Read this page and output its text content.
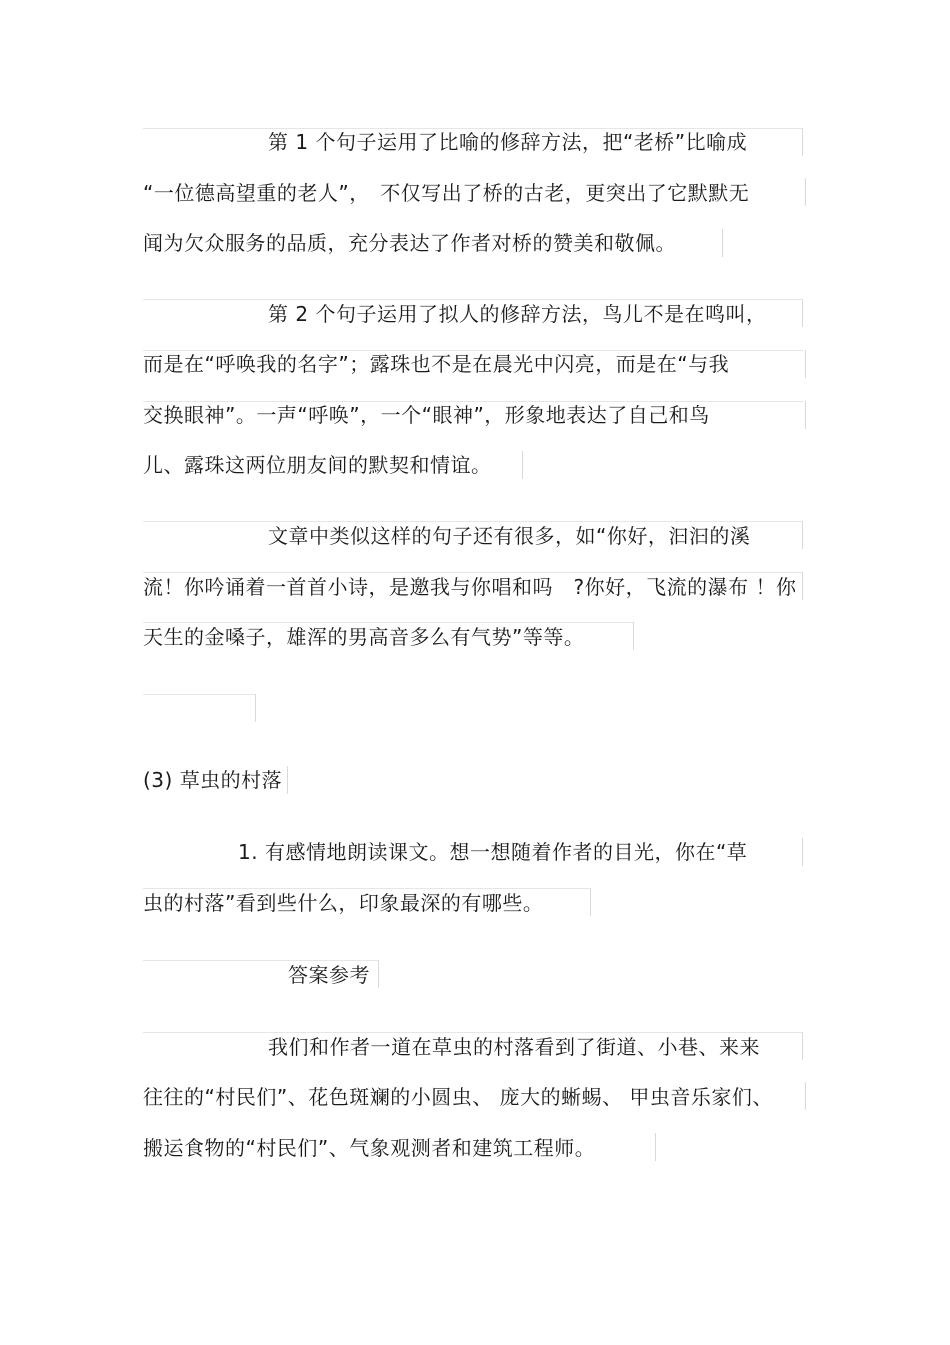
第 1 个句子运用了比喻的修辞方法，把“老桥”比喻成
“一位德高望重的老人”，　不仅写出了桥的古老，更突出了它默默无
闻为欠众服务的品质，充分表达了作者对桥的赞美和敬佩。
第 2 个句子运用了拟人的修辞方法，鸟儿不是在鸣叫，
而是在“呼唤我的名字”；露珠也不是在晨光中闪亮，而是在“与我
交换眼神”。一声“呼唤”，一个“眼神”，形象地表达了自己和鸟
儿、露珠这两位朋友间的默契和情谊。
文章中类似这样的句子还有很多，如“你好，汩汩的溪
流！你吟诵着一首首小诗，是邀我与你唱和吗　?你好，飞流的瀑布 ！你
天生的金嗓子，雄浑的男高音多么有气势”等等。
(3) 草虫的村落
1. 有感情地朗读课文。想一想随着作者的目光，你在“草
虫的村落”看到些什么，印象最深的有哪些。
答案参考
我们和作者一道在草虫的村落看到了街道、小巷、来来
往往的“村民们”、花色斑斓的小圆虫、 庞大的蜥蜴、 甲虫音乐家们、
搬运食物的“村民们”、气象观测者和建筑工程师。
